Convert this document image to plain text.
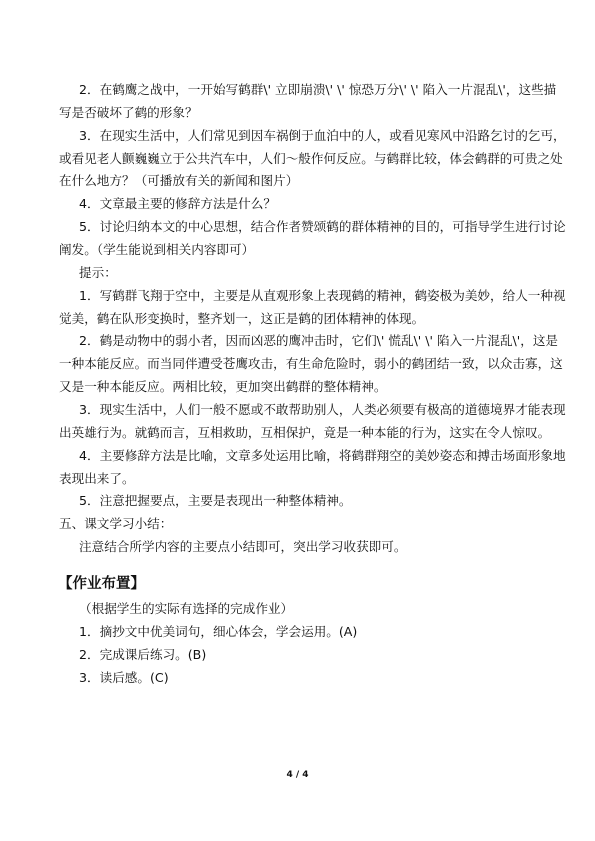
2．在鹤鹰之战中，一开始写鹤群\' 立即崩溃\' \' 惊恐万分\' \' 陷入一片混乱\'，这些描
写是否破坏了鹤的形象？
3．在现实生活中，人们常见到因车祸倒于血泊中的人，或看见寒风中沿路乞讨的乞丐，
或看见老人颤巍巍立于公共汽车中，人们～般作何反应。与鹤群比较，体会鹤群的可贵之处
在什么地方？（可播放有关的新闻和图片）
4．文章最主要的修辞方法是什么？
5．讨论归纳本文的中心思想，结合作者赞颂鹤的群体精神的目的，可指导学生进行讨论
阐发。（学生能说到相关内容即可）
提示：
1．写鹤群飞翔于空中，主要是从直观形象上表现鹤的精神，鹤姿极为美妙，给人一种视
觉美，鹤在队形变换时，整齐划一，这正是鹤的团体精神的体现。
2．鹤是动物中的弱小者，因而凶恶的鹰冲击时，它们\' 慌乱\' \' 陷入一片混乱\'，这是
一种本能反应。而当同伴遭受苍鹰攻击，有生命危险时，弱小的鹤团结一致，以众击寡，这
又是一种本能反应。两相比较，更加突出鹤群的整体精神。
3．现实生活中，人们一般不愿或不敢帮助别人，人类必须要有极高的道德境界才能表现
出英雄行为。就鹤而言，互相救助，互相保护，竟是一种本能的行为，这实在令人惊叹。
4．主要修辞方法是比喻，文章多处运用比喻，将鹤群翔空的美妙姿态和搏击场面形象地
表现出来了。
5．注意把握要点，主要是表现出一种整体精神。
五、课文学习小结：
注意结合所学内容的主要点小结即可，突出学习收获即可。
【作业布置】
（根据学生的实际有选择的完成作业）
1．摘抄文中优美词句，细心体会，学会运用。(A)
2．完成课后练习。(B)
3．读后感。(C)
4 / 4
